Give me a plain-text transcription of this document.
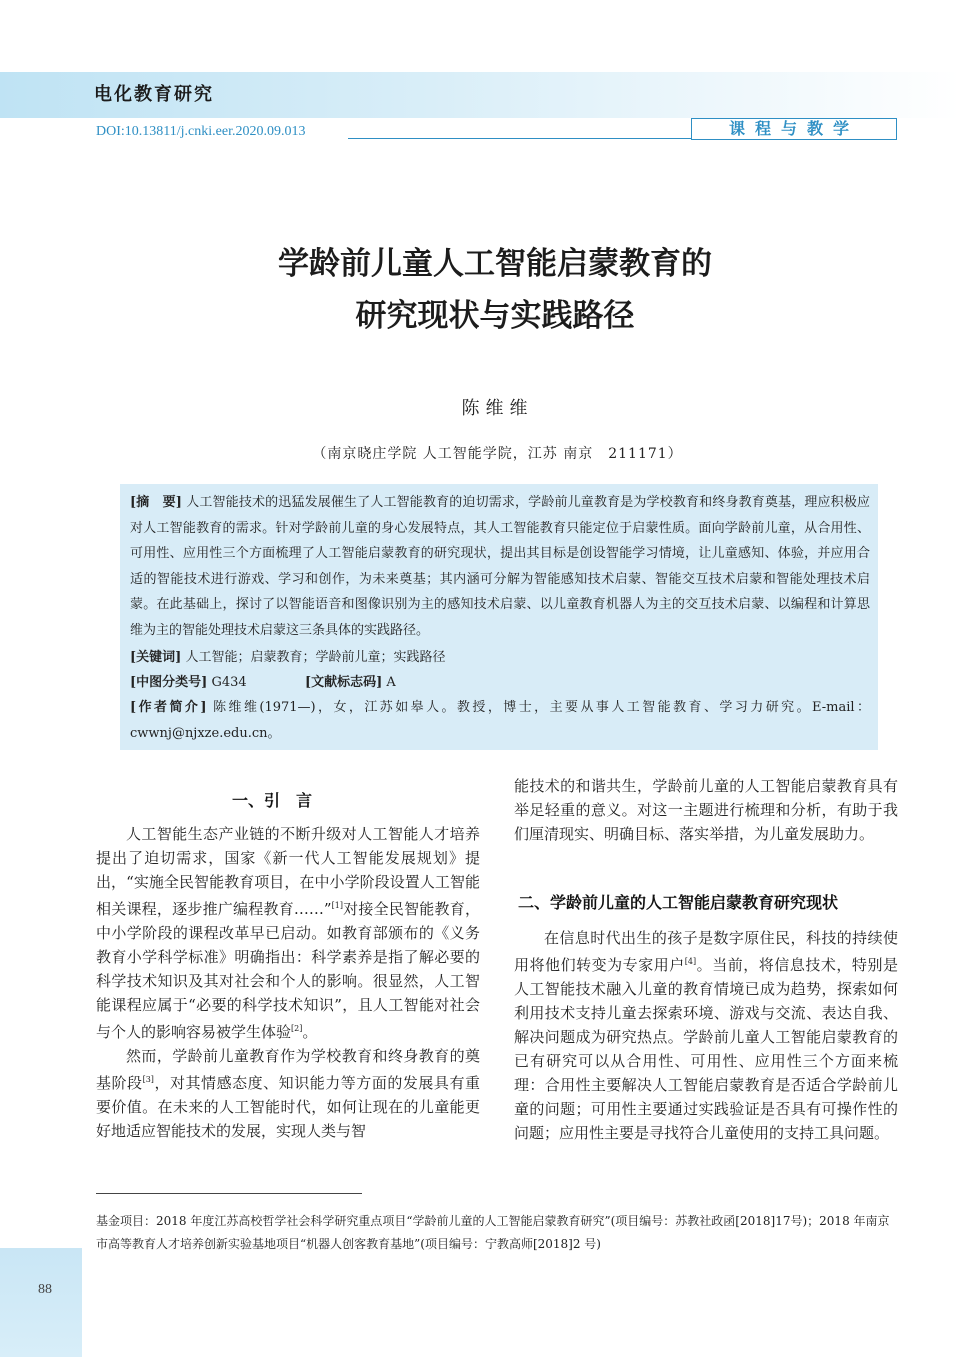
电化教育研究
DOI:10.13811/j.cnki.eer.2020.09.013	课程与教学
学龄前儿童人工智能启蒙教育的
研究现状与实践路径
陈维维
（南京晓庄学院 人工智能学院，江苏 南京　211171）

[摘　要] 人工智能技术的迅猛发展催生了人工智能教育的迫切需求，学龄前儿童教育是为学校教育和终身教育奠基，理应积极应对人工智能教育的需求。针对学龄前儿童的身心发展特点，其人工智能教育只能定位于启蒙性质。面向学龄前儿童，从合用性、可用性、应用性三个方面梳理了人工智能启蒙教育的研究现状，提出其目标是创设智能学习情境，让儿童感知、体验，并应用合适的智能技术进行游戏、学习和创作，为未来奠基；其内涵可分解为智能感知技术启蒙、智能交互技术启蒙和智能处理技术启蒙。在此基础上，探讨了以智能语音和图像识别为主的感知技术启蒙、以儿童教育机器人为主的交互技术启蒙、以编程和计算思维为主的智能处理技术启蒙这三条具体的实践路径。

[关键词] 人工智能；启蒙教育；学龄前儿童；实践路径

[中图分类号] G434	[文献标志码] A

[作者简介] 陈维维(1971—)，女，江苏如皋人。教授，博士，主要从事人工智能教育、学习力研究。E-mail：cwwnj@njxze.edu.cn。

一、引　言

人工智能生态产业链的不断升级对人工智能人才培养提出了迫切需求，国家《新一代人工智能发展规划》提出，“实施全民智能教育项目，在中小学阶段设置人工智能相关课程，逐步推广编程教育……”[1]对接全民智能教育，中小学阶段的课程改革早已启动。如教育部颁布的《义务教育小学科学标准》明确指出：科学素养是指了解必要的科学技术知识及其对社会和个人的影响。很显然，人工智能课程应属于“必要的科学技术知识”，且人工智能对社会与个人的影响容易被学生体验[2]。

然而，学龄前儿童教育作为学校教育和终身教育的奠基阶段[3]，对其情感态度、知识能力等方面的发展具有重要价值。在未来的人工智能时代，如何让现在的儿童能更好地适应智能技术的发展，实现人类与智

能技术的和谐共生，学龄前儿童的人工智能启蒙教育具有举足轻重的意义。对这一主题进行梳理和分析，有助于我们厘清现实、明确目标、落实举措，为儿童发展助力。

二、学龄前儿童的人工智能启蒙教育研究现状

在信息时代出生的孩子是数字原住民，科技的持续使用将他们转变为专家用户[4]。当前，将信息技术，特别是人工智能技术融入儿童的教育情境已成为趋势，探索如何利用技术支持儿童去探索环境、游戏与交流、表达自我、解决问题成为研究热点。学龄前儿童人工智能启蒙教育的已有研究可以从合用性、可用性、应用性三个方面来梳理：合用性主要解决人工智能启蒙教育是否适合学龄前儿童的问题；可用性主要通过实践验证是否具有可操作性的问题；应用性主要是寻找符合儿童使用的支持工具问题。

基金项目：2018 年度江苏高校哲学社会科学研究重点项目“学龄前儿童的人工智能启蒙教育研究”(项目编号：苏教社政函[2018]17号)；2018 年南京市高等教育人才培养创新实验基地项目“机器人创客教育基地”(项目编号：宁教高师[2018]2 号)

88
